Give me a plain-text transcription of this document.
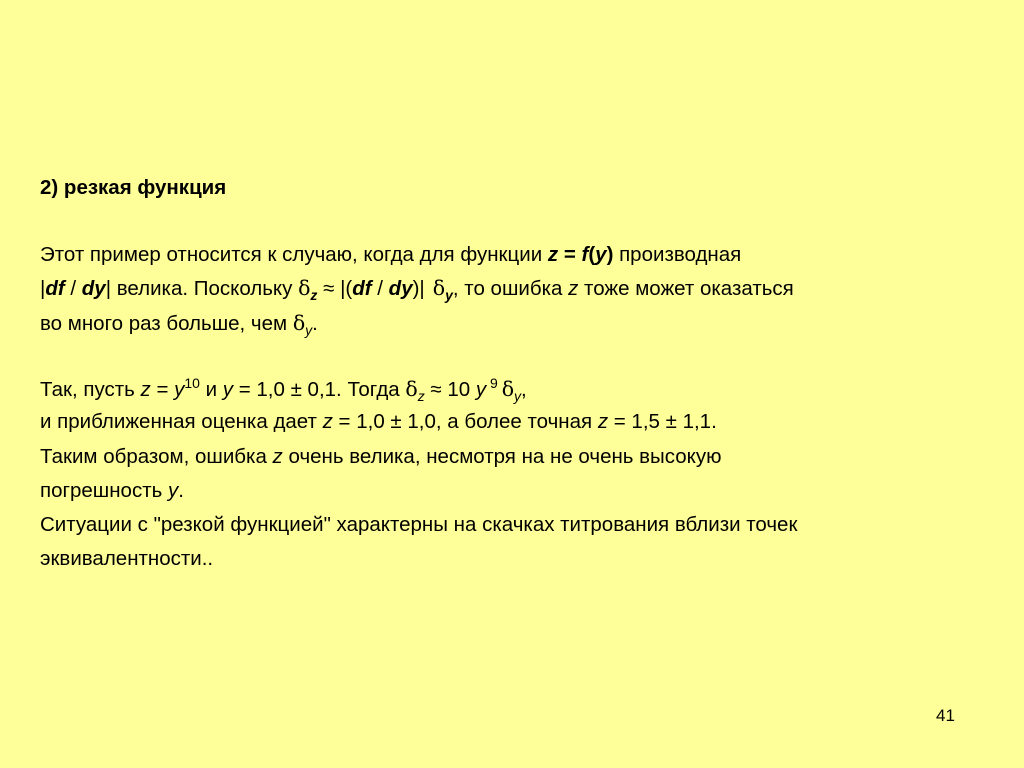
2) резкая функция
Этот пример относится к случаю, когда для функции z = f(y) производная
|df / dy| велика. Поскольку $\delta_z \approx |(df / dy)|$ $\delta_y$, то ошибка z тоже может оказаться
во много раз больше, чем $\delta_y$.
Так, пусть $z = y^{10}$ и y = 1,0 ± 0,1. Тогда $\delta_z \approx 10$ y $^9$ $\delta_y$,
и приближенная оценка дает z = 1,0 ± 1,0, а более точная z = 1,5 ± 1,1.
Таким образом, ошибка z очень велика, несмотря на не очень высокую
погрешность y.
Ситуации с "резкой функцией" характерны на скачках титрования вблизи точек
эквивалентности..
41
